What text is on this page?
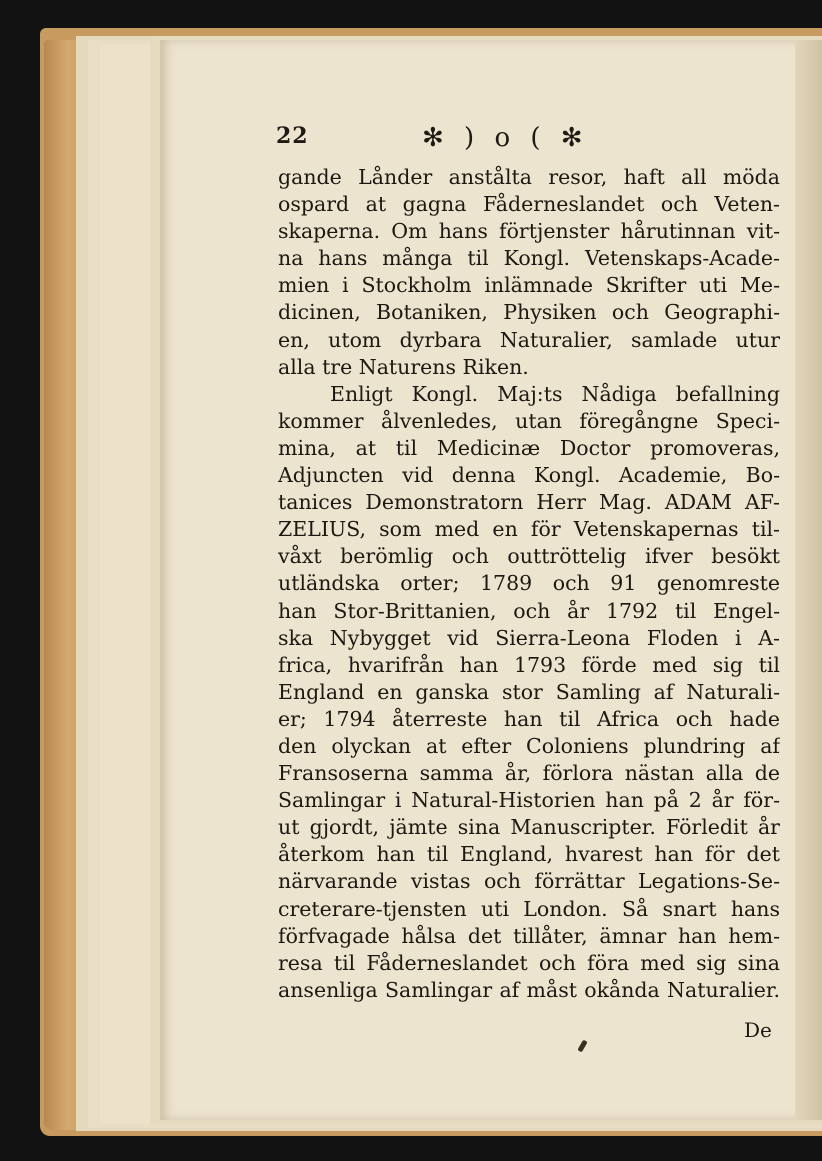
22	✻ ) o ( ✻
gande Lånder anstålta resor, haft all möda
ospard at gagna Fåderneslandet och Veten-
skaperna. Om hans förtjenster hårutinnan vit-
na hans många til Kongl. Vetenskaps-Acade-
mien i Stockholm inlämnade Skrifter uti Me-
dicinen, Botaniken, Physiken och Geographi-
en, utom dyrbara Naturalier, samlade utur
alla tre Naturens Riken.
Enligt Kongl. Maj:ts Nådiga befallning
kommer ålvenledes, utan föregångne Speci-
mina, at til Medicinæ Doctor promoveras,
Adjuncten vid denna Kongl. Academie, Bo-
tanices Demonstratorn Herr Mag. ADAM AF-
ZELIUS, som med en för Vetenskapernas til-
våxt berömlig och outtröttelig ifver besökt
utländska orter; 1789 och 91 genomreste
han Stor-Brittanien, och år 1792 til Engel-
ska Nybygget vid Sierra-Leona Floden i A-
frica, hvarifrån han 1793 förde med sig til
England en ganska stor Samling af Naturali-
er; 1794 återreste han til Africa och hade
den olyckan at efter Coloniens plundring af
Fransoserna samma år, förlora nästan alla de
Samlingar i Natural-Historien han på 2 år för-
ut gjordt, jämte sina Manuscripter. Förledit år
återkom han til England, hvarest han för det
närvarande vistas och förrättar Legations-Se-
creterare-tjensten uti London. Så snart hans
förfvagade hålsa det tillåter, ämnar han hem-
resa til Fåderneslandet och föra med sig sina
ansenliga Samlingar af måst okånda Naturalier.
De
